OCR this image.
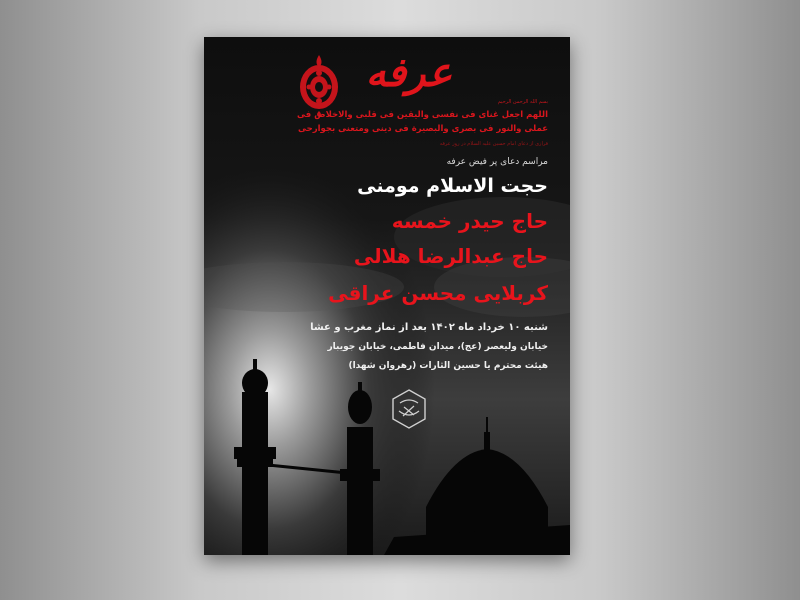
عرفه
بسم الله الرحمن الرحیم
اللهم اجعل غنای فی نفسی والیقین فی قلبی والاخلاص فی
عملی والنور فی بصری والبصیرة فی دینی ومتعنی بجوارحی
فرازی از دعای امام حسین علیه السلام در روز عرفه
مراسم دعای پر فیض عرفه
حجت الاسلام مومنی
حاج حیدر خمسه
حاج عبدالرضا هلالی
کربلایی محسن عراقی
شنبه ۱۰ خرداد ماه ۱۴۰۲ بعد از نماز مغرب و عشا
خیابان ولیعصر (عج)، میدان فاطمی، خیابان جویبار
هیئت محترم یا حسین الثارات (رهروان شهدا)
